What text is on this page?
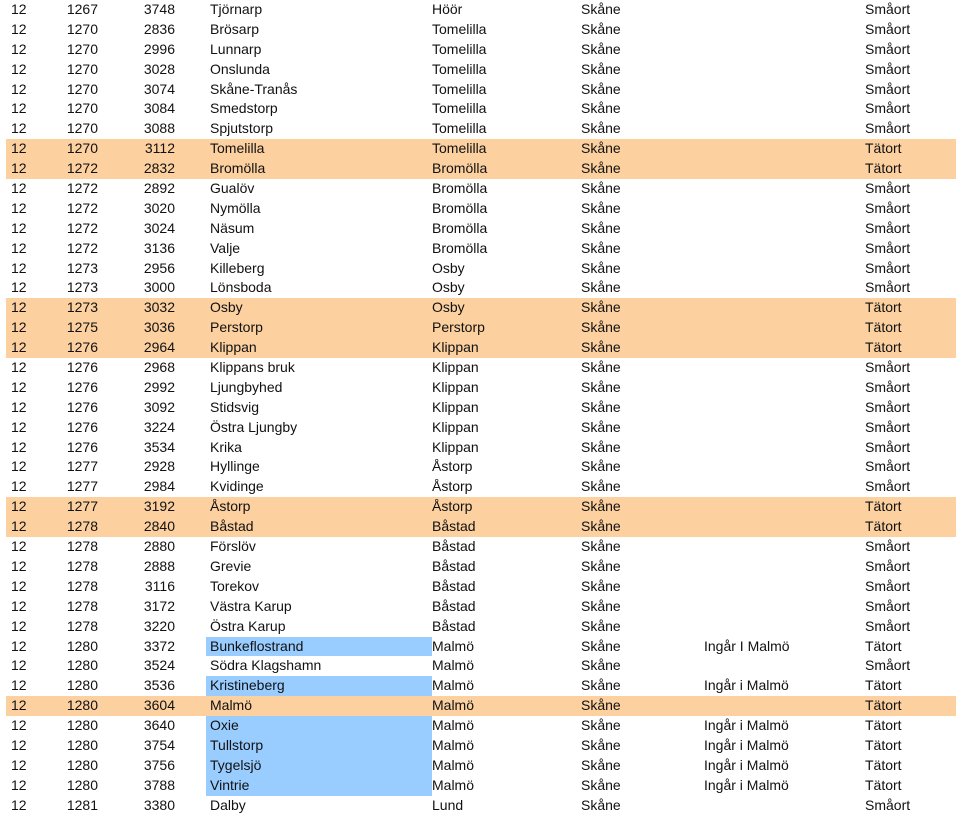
12	1267	3748	Tjörnarp	Höör	Skåne	Småort
12	1270	2836	Brösarp	Tomelilla	Skåne	Småort
12	1270	2996	Lunnarp	Tomelilla	Skåne	Småort
12	1270	3028	Onslunda	Tomelilla	Skåne	Småort
12	1270	3074	Skåne-Tranås	Tomelilla	Skåne	Småort
12	1270	3084	Smedstorp	Tomelilla	Skåne	Småort
12	1270	3088	Spjutstorp	Tomelilla	Skåne	Småort
12	1270	3112	Tomelilla	Tomelilla	Skåne	Tätort
12	1272	2832	Bromölla	Bromölla	Skåne	Tätort
12	1272	2892	Gualöv	Bromölla	Skåne	Småort
12	1272	3020	Nymölla	Bromölla	Skåne	Småort
12	1272	3024	Näsum	Bromölla	Skåne	Småort
12	1272	3136	Valje	Bromölla	Skåne	Småort
12	1273	2956	Killeberg	Osby	Skåne	Småort
12	1273	3000	Lönsboda	Osby	Skåne	Småort
12	1273	3032	Osby	Osby	Skåne	Tätort
12	1275	3036	Perstorp	Perstorp	Skåne	Tätort
12	1276	2964	Klippan	Klippan	Skåne	Tätort
12	1276	2968	Klippans bruk	Klippan	Skåne	Småort
12	1276	2992	Ljungbyhed	Klippan	Skåne	Småort
12	1276	3092	Stidsvig	Klippan	Skåne	Småort
12	1276	3224	Östra Ljungby	Klippan	Skåne	Småort
12	1276	3534	Krika	Klippan	Skåne	Småort
12	1277	2928	Hyllinge	Åstorp	Skåne	Småort
12	1277	2984	Kvidinge	Åstorp	Skåne	Småort
12	1277	3192	Åstorp	Åstorp	Skåne	Tätort
12	1278	2840	Båstad	Båstad	Skåne	Tätort
12	1278	2880	Förslöv	Båstad	Skåne	Småort
12	1278	2888	Grevie	Båstad	Skåne	Småort
12	1278	3116	Torekov	Båstad	Skåne	Småort
12	1278	3172	Västra Karup	Båstad	Skåne	Småort
12	1278	3220	Östra Karup	Båstad	Skåne	Småort
12	1280	3372	Bunkeflostrand	Malmö	Skåne	Ingår I Malmö	Tätort
12	1280	3524	Södra Klagshamn	Malmö	Skåne	Småort
12	1280	3536	Kristineberg	Malmö	Skåne	Ingår i Malmö	Tätort
12	1280	3604	Malmö	Malmö	Skåne	Tätort
12	1280	3640	Oxie	Malmö	Skåne	Ingår i Malmö	Tätort
12	1280	3754	Tullstorp	Malmö	Skåne	Ingår i Malmö	Tätort
12	1280	3756	Tygelsjö	Malmö	Skåne	Ingår i Malmö	Tätort
12	1280	3788	Vintrie	Malmö	Skåne	Ingår i Malmö	Tätort
12	1281	3380	Dalby	Lund	Skåne	Småort
